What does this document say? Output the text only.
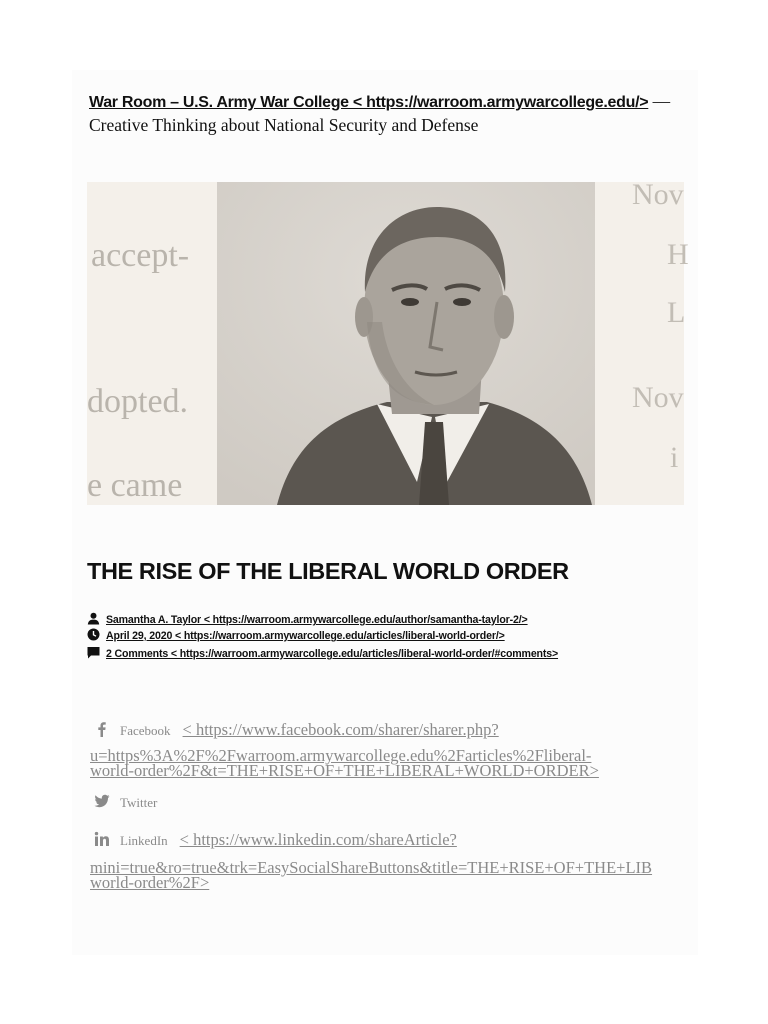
War Room – U.S. Army War College < https://warroom.armywarcollege.edu/> — Creative Thinking about National Security and Defense
accept-
dopted.
e came
Nov
H
L
Nov
i
THE RISE OF THE LIBERAL WORLD ORDER
Samantha A. Taylor < https://warroom.armywarcollege.edu/author/samantha-taylor-2/>
April 29, 2020 < https://warroom.armywarcollege.edu/articles/liberal-world-order/>
2 Comments < https://warroom.armywarcollege.edu/articles/liberal-world-order/#comments>
Facebook < https://www.facebook.com/sharer/sharer.php?
u=https%3A%2F%2Fwarroom.armywarcollege.edu%2Farticles%2Fliberal-
world-order%2F&t=THE+RISE+OF+THE+LIBERAL+WORLD+ORDER>
Twitter
LinkedIn < https://www.linkedin.com/shareArticle?
mini=true&ro=true&trk=EasySocialShareButtons&title=THE+RISE+OF+THE+LIB
world-order%2F>
